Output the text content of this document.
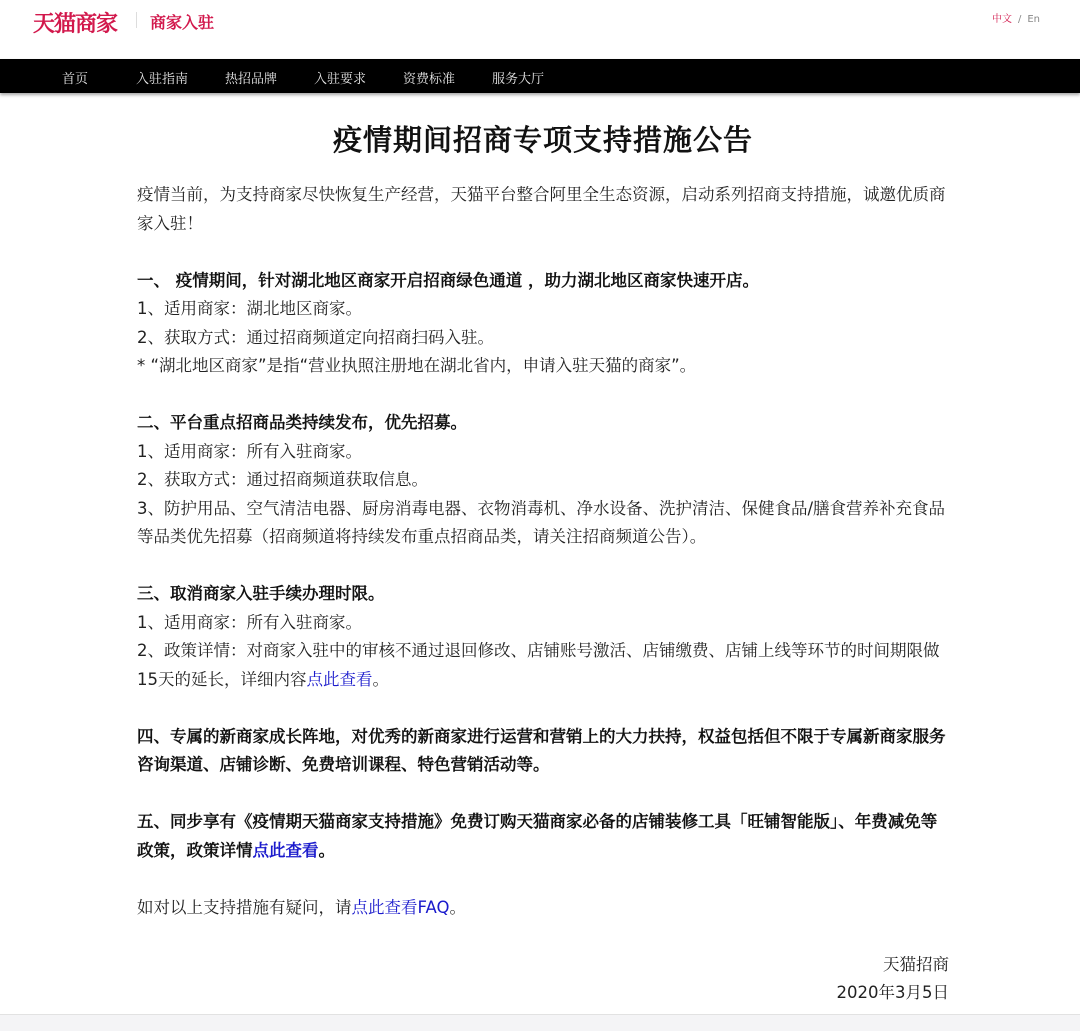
天猫商家 商家入驻	中文 / En
首页	入驻指南	热招品牌	入驻要求	资费标准	服务大厅
疫情期间招商专项支持措施公告

疫情当前，为支持商家尽快恢复生产经营，天猫平台整合阿里全生态资源，启动系列招商支持措施，诚邀优质商家入驻！

一、 疫情期间，针对湖北地区商家开启招商绿色通道 ，助力湖北地区商家快速开店。

1、适用商家：湖北地区商家。

2、获取方式：通过招商频道定向招商扫码入驻。

* “湖北地区商家”是指“营业执照注册地在湖北省内，申请入驻天猫的商家”。

二、平台重点招商品类持续发布，优先招募。

1、适用商家：所有入驻商家。

2、获取方式：通过招商频道获取信息。

3、防护用品、空气清洁电器、厨房消毒电器、衣物消毒机、净水设备、洗护清洁、保健食品/膳食营养补充食品 等品类优先招募（招商频道将持续发布重点招商品类，请关注招商频道公告）。

三、取消商家入驻手续办理时限。

1、适用商家：所有入驻商家。

2、政策详情：对商家入驻中的审核不通过退回修改、店铺账号激活、店铺缴费、店铺上线等环节的时间期限做15天的延长，详细内容点此查看。

四、专属的新商家成长阵地，对优秀的新商家进行运营和营销上的大力扶持，权益包括但不限于专属新商家服务咨询渠道、店铺诊断、免费培训课程、特色营销活动等。

五、同步享有《疫情期天猫商家支持措施》免费订购天猫商家必备的店铺装修工具「旺铺智能版」、年费减免等政策，政策详情点此查看。

如对以上支持措施有疑问，请点此查看FAQ。

天猫招商

2020年3月5日
